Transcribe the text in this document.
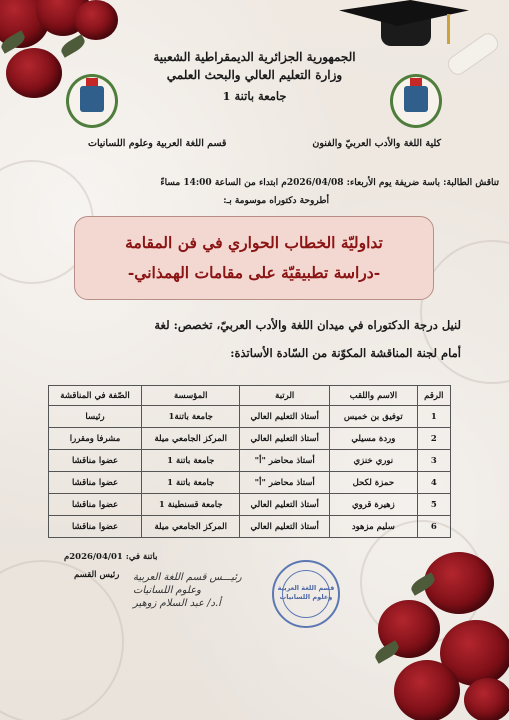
الجمهورية الجزائرية الديمقراطية الشعبية
وزارة التعليم العالي والبحث العلمي
جامعة باتنة 1
كلية اللغة والأدب العربيّ والفنون
قسم اللغة العربية وعلوم اللسانيات
تناقش الطالبة: باسة ضريفة يوم الأربعاء: 2026/04/08م ابتداء من الساعة 14:00 مساءً
أطروحة دكتوراه موسومة بـ:
تداوليّة الخطاب الحواري في فن المقامة
-دراسة تطبيقيّة على مقامات الهمذاني-
لنيل درجة الدكتوراه في ميدان اللغة والأدب العربيّ، تخصص: لغة
أمام لجنة المناقشة المكوّنة من السّادة الأساتذة:
الرقم	الاسم واللقب	الرتبة	المؤسسة	الصّفة في المناقشة
1	توفيق بن خميس	أستاذ التعليم العالي	جامعة باتنة1	رئيسا
2	وردة مسيلي	أستاذ التعليم العالي	المركز الجامعي ميلة	مشرفا ومقررا
3	نوري خنزي	أستاذ محاضر "أ"	جامعة باتنة 1	عضوا مناقشا
4	حمزة لكحل	أستاذ محاضر "أ"	جامعة باتنة 1	عضوا مناقشا
5	زهيرة قروي	أستاذ التعليم العالي	جامعة قسنطينة 1	عضوا مناقشا
6	سليم مزهود	أستاذ التعليم العالي	المركز الجامعي ميلة	عضوا مناقشا
باتنة في: 2026/04/01م
رئيس القسم رئيـــس قسم اللغة العربية
وعلوم اللسانيات
أ.د/ عبد السلام زوهير
قسم اللغة العربية وعلوم اللسانيات
